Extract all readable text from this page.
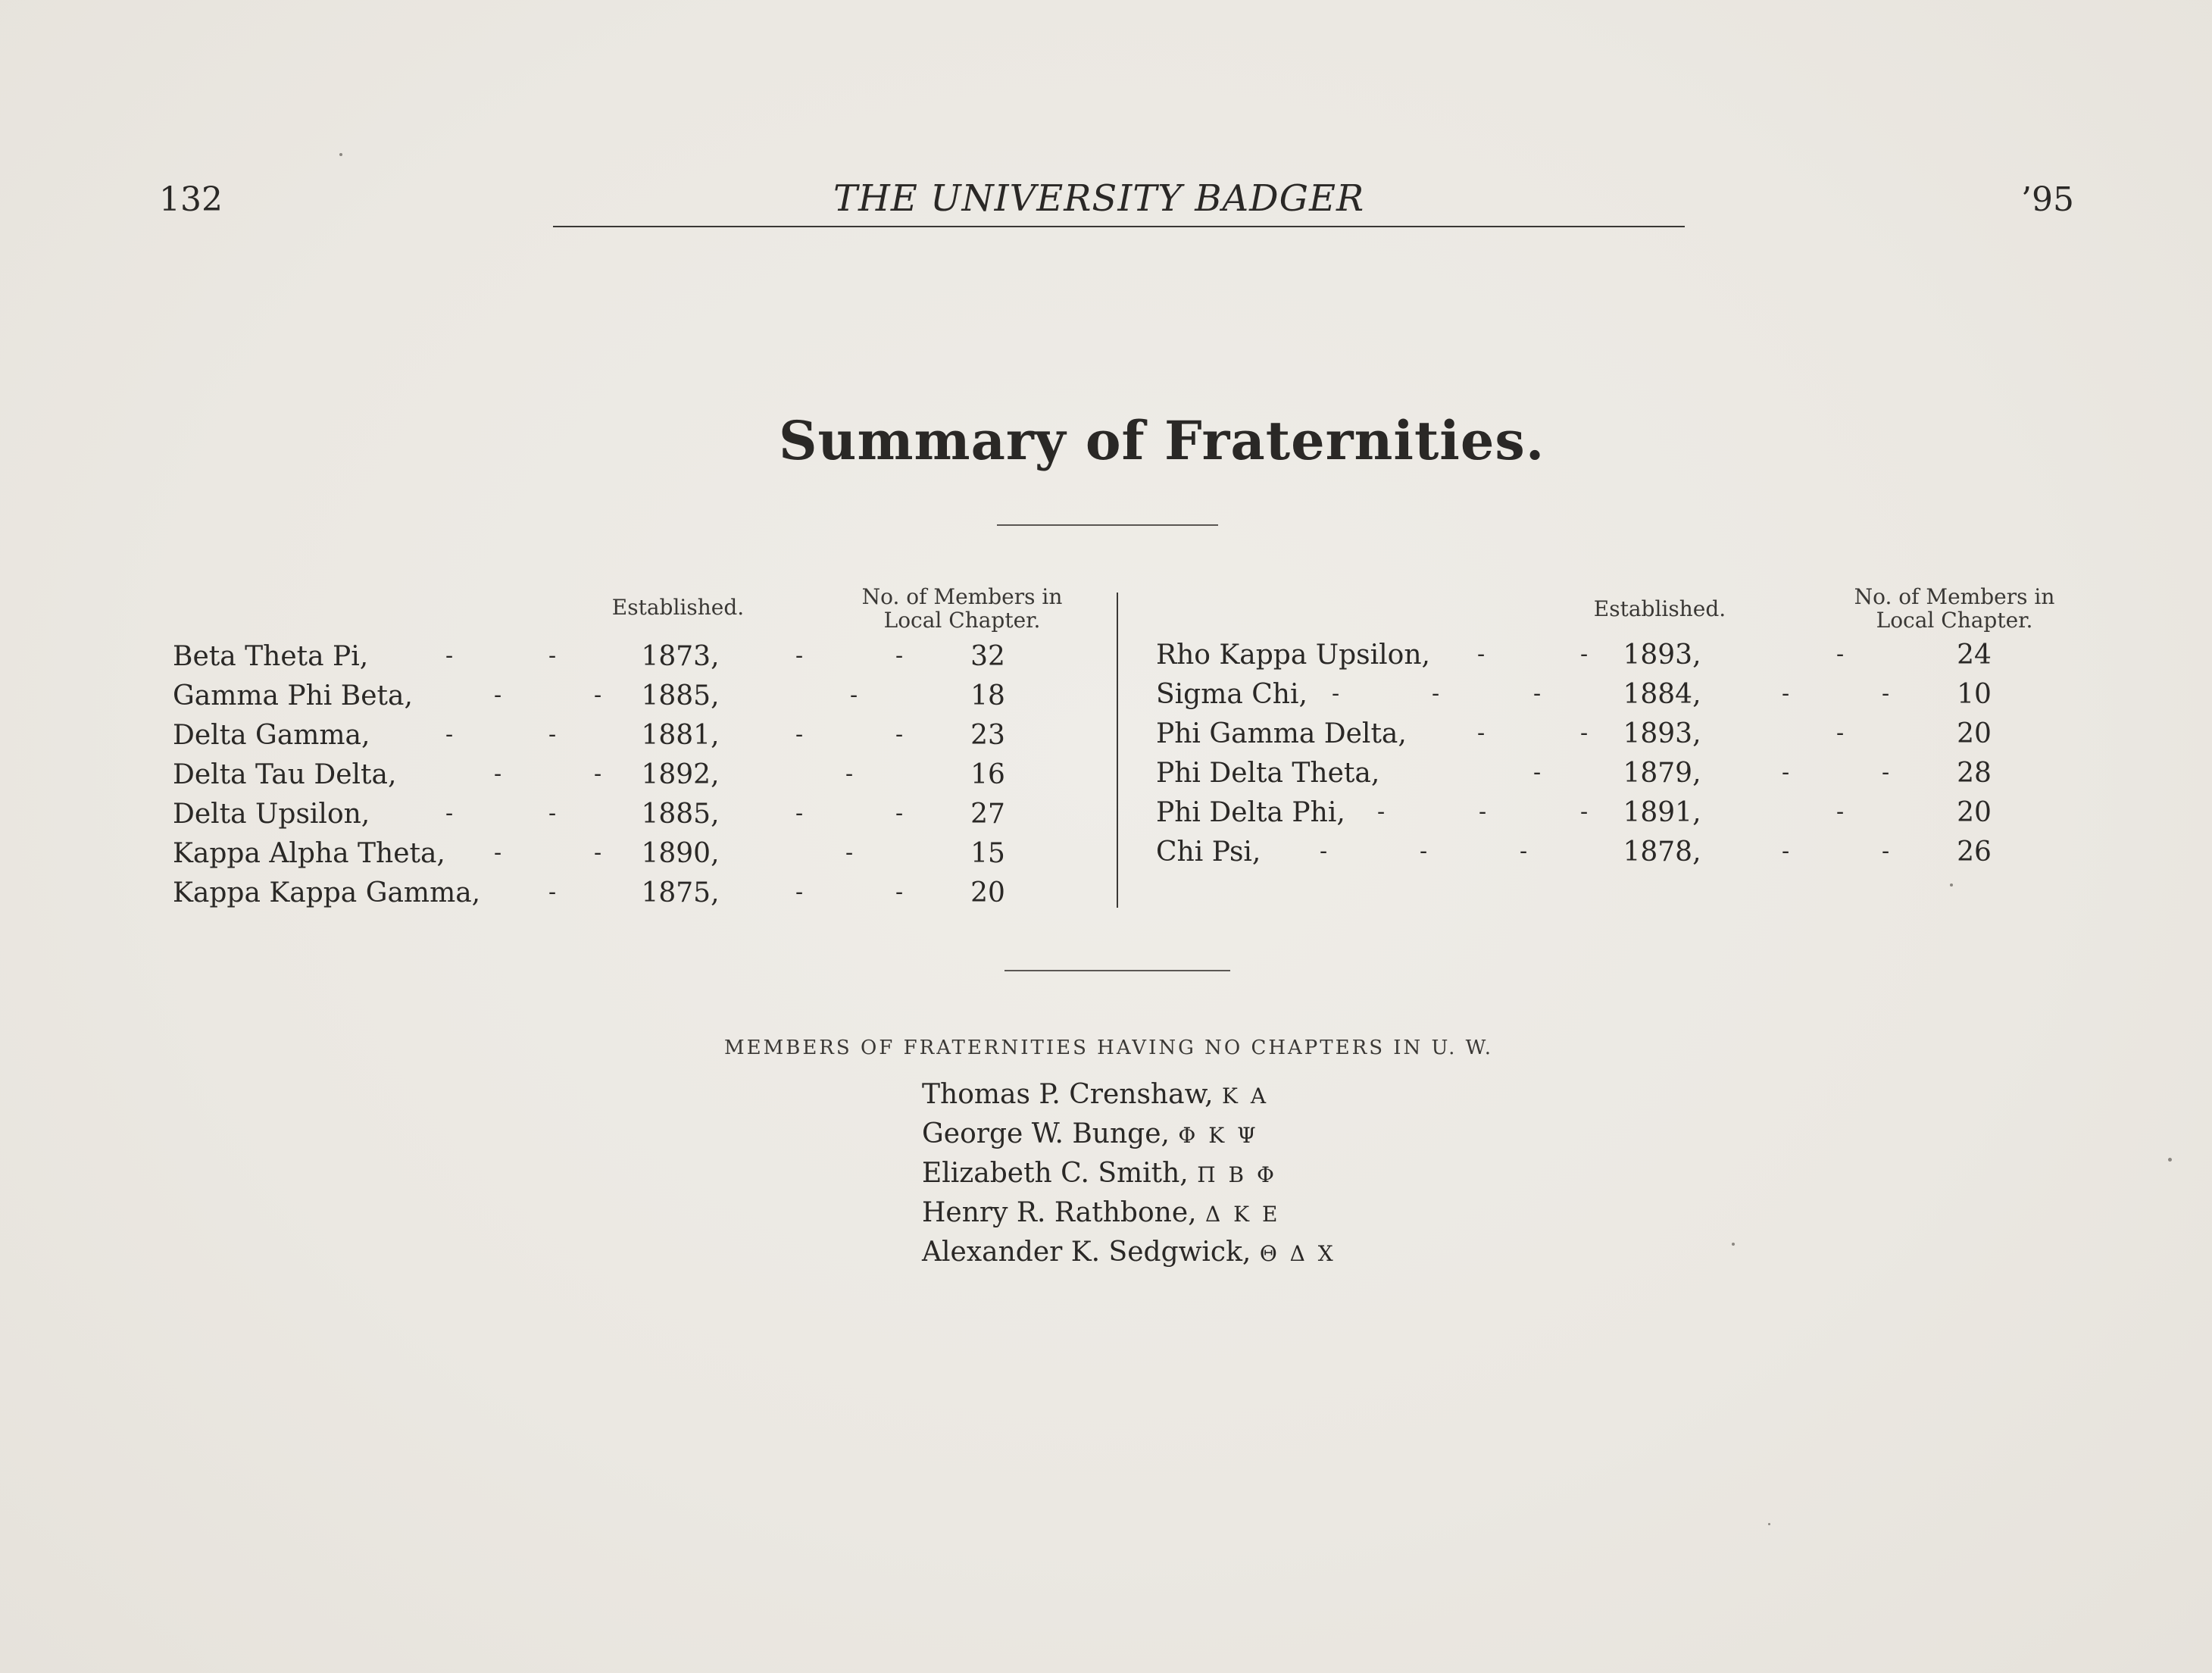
132	THE UNIVERSITY BADGER	’95
Summary of Fraternities.
Established.	No. of Members in
Local Chapter.	Established.	No. of Members in
Local Chapter.
Beta Theta Pi,	-	-	1873,	-	-	32
Gamma Phi Beta,	-	-	1885,	-	18
Delta Gamma,	-	-	1881,	-	-	23
Delta Tau Delta,	-	-	1892,	-	16
Delta Upsilon,	-	-	1885,	-	-	27
Kappa Alpha Theta, -	-	1890,	-	15
Kappa Kappa Gamma,	-	1875,	-	-	20
Rho Kappa Upsilon, -	-	1893,	-	24
Sigma Chi, -	-	-	1884,	-	-	10
Phi Gamma Delta,	-	-	1893,	-	20
Phi Delta Theta,	-	1879,	-	-	28
Phi Delta Phi, -	-	-	1891,	-	20
Chi Psi,	-	-	-	1878,	-	-	26
MEMBERS OF FRATERNITIES HAVING NO CHAPTERS IN U. W.
Thomas P. Crenshaw, Κ Α
George W. Bunge, Φ Κ Ψ
Elizabeth C. Smith, Π Β Φ
Henry R. Rathbone, Δ Κ Ε
Alexander K. Sedgwick, Θ Δ Χ
